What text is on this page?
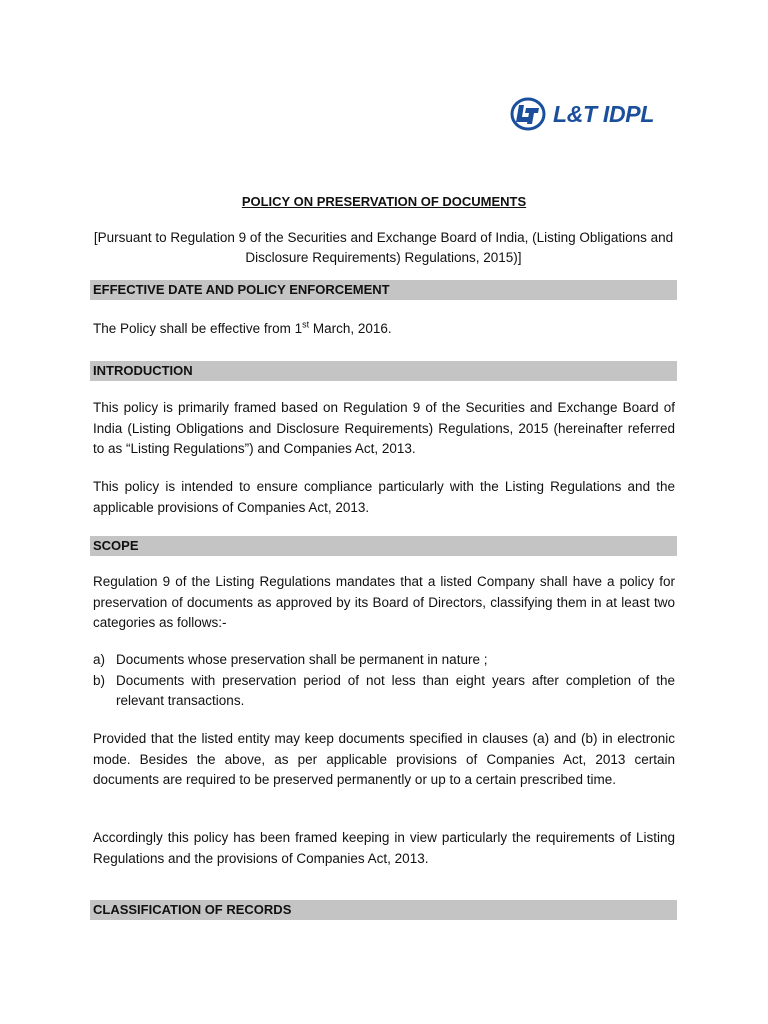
L&T IDPL
POLICY ON PRESERVATION OF DOCUMENTS
[Pursuant to Regulation 9 of the Securities and Exchange Board of India, (Listing Obligations and Disclosure Requirements) Regulations, 2015)]
EFFECTIVE DATE AND POLICY ENFORCEMENT
The Policy shall be effective from 1st March, 2016.
INTRODUCTION
This policy is primarily framed based on Regulation 9 of the Securities and Exchange Board of India (Listing Obligations and Disclosure Requirements) Regulations, 2015 (hereinafter referred to as “Listing Regulations”) and Companies Act, 2013.
This policy is intended to ensure compliance particularly with the Listing Regulations and the applicable provisions of Companies Act, 2013.
SCOPE
Regulation 9 of the Listing Regulations mandates that a listed Company shall have a policy for preservation of documents as approved by its Board of Directors, classifying them in at least two categories as follows:-
a) Documents whose preservation shall be permanent in nature ;
b) Documents with preservation period of not less than eight years after completion of the relevant transactions.
Provided that the listed entity may keep documents specified in clauses (a) and (b) in electronic mode. Besides the above, as per applicable provisions of Companies Act, 2013 certain documents are required to be preserved permanently or up to a certain prescribed time.
Accordingly this policy has been framed keeping in view particularly the requirements of Listing Regulations and the provisions of Companies Act, 2013.
CLASSIFICATION OF RECORDS
